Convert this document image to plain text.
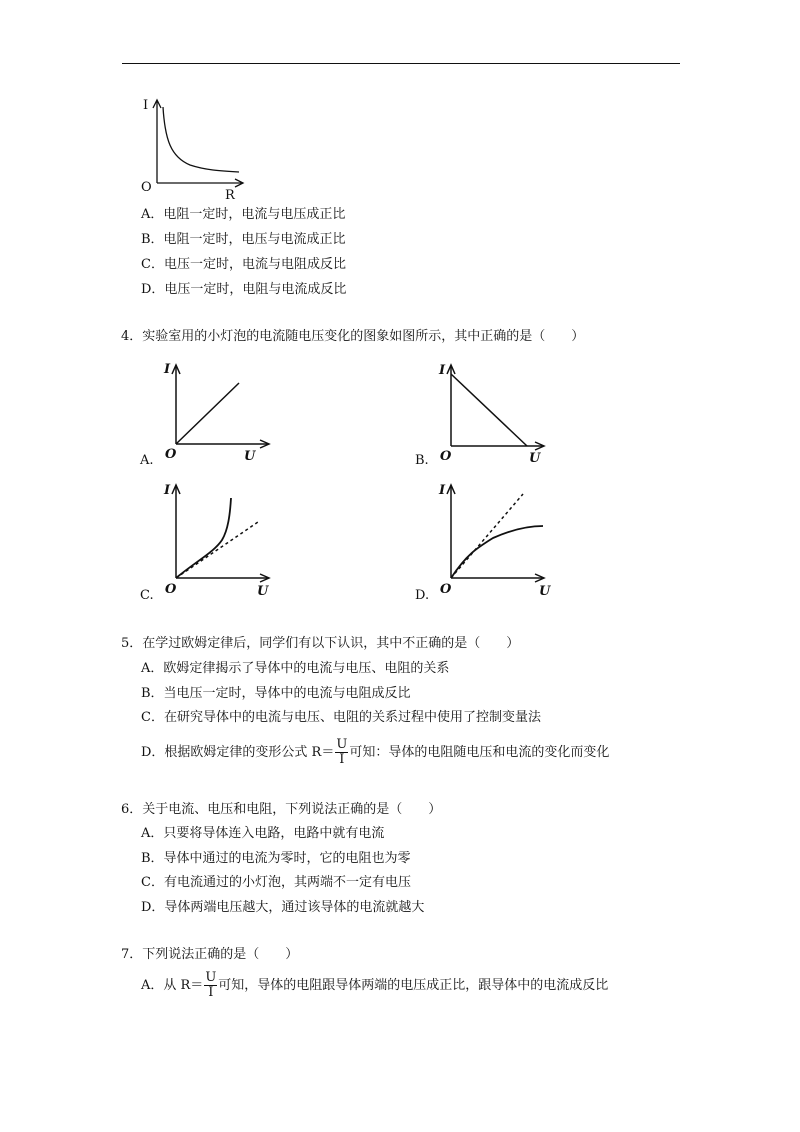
I
O
R
A．电阻一定时，电流与电压成正比
B．电阻一定时，电压与电流成正比
C．电压一定时，电流与电阻成反比
D．电压一定时，电阻与电流成反比
4．实验室用的小灯泡的电流随电压变化的图象如图所示，其中正确的是（　　）
I
O	U
A.
I
O	U
B.
I
O	U
C.
I
O	U
D.
5．在学过欧姆定律后，同学们有以下认识，其中不正确的是（　　）
A．欧姆定律揭示了导体中的电流与电压、电阻的关系
B．当电压一定时，导体中的电流与电阻成反比
C．在研究导体中的电流与电压、电阻的关系过程中使用了控制变量法
D．根据欧姆定律的变形公式 $R= \frac{U}{I}$ 可知：导体的电阻随电压和电流的变化而变化
6．关于电流、电压和电阻，下列说法正确的是（　　）
A．只要将导体连入电路，电路中就有电流
B．导体中通过的电流为零时，它的电阻也为零
C．有电流通过的小灯泡，其两端不一定有电压
D．导体两端电压越大，通过该导体的电流就越大
7．下列说法正确的是（　　）
A．从 $R= \frac{U}{I}$ 可知，导体的电阻跟导体两端的电压成正比，跟导体中的电流成反比
